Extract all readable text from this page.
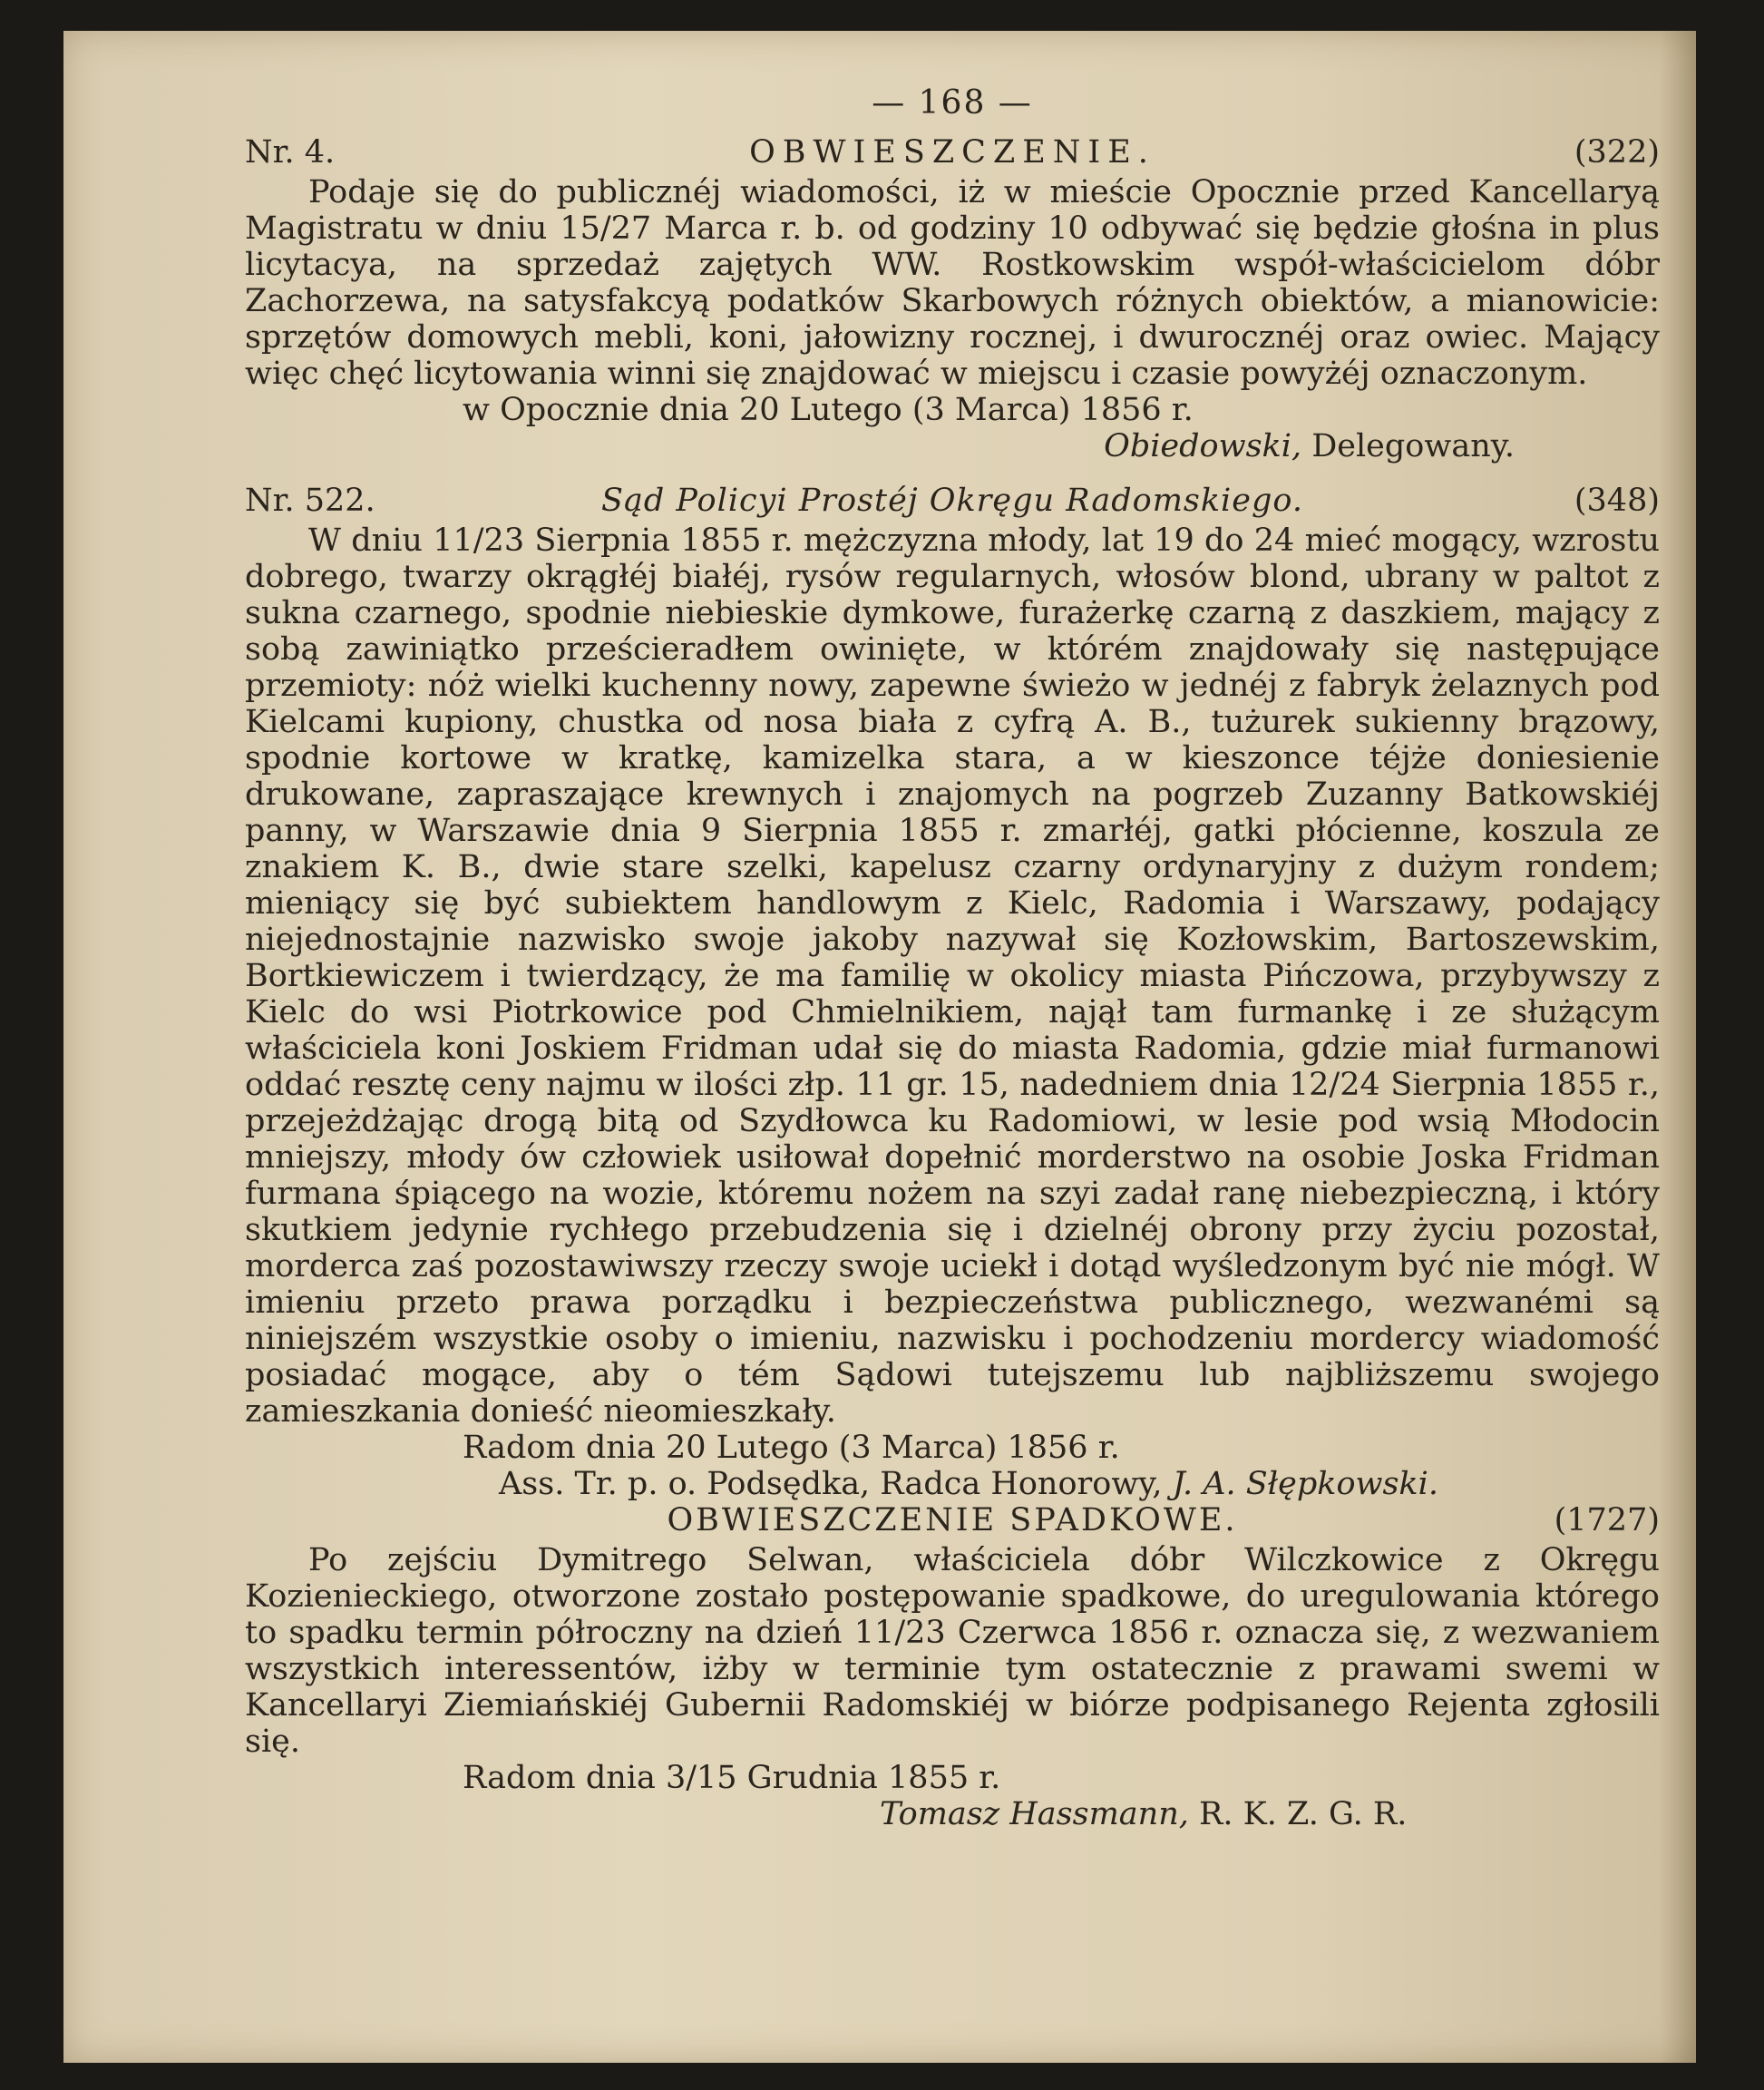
— 168 —
Nr. 4.	OBWIESZCZENIE.	(322)

Podaje się do publicznéj wiadomości, iż w mieście Opocznie przed Kancellaryą Magistratu w dniu 15/27 Marca r. b. od godziny 10 odbywać się będzie głośna in plus licytacya, na sprzedaż zajętych WW. Rostkowskim współ-właścicielom dóbr Zachorzewa, na satysfakcyą podatków Skarbowych różnych obiektów, a mianowicie: sprzętów domowych mebli, koni, jałowizny rocznej, i dwurocznéj oraz owiec. Mający więc chęć licytowania winni się znajdować w miejscu i czasie powyżéj oznaczonym.

w Opocznie dnia 20 Lutego (3 Marca) 1856 r.
Obiedowski, Delegowany.
Nr. 522.	Sąd Policyi Prostéj Okręgu Radomskiego.	(348)

W dniu 11/23 Sierpnia 1855 r. mężczyzna młody, lat 19 do 24 mieć mogący, wzrostu dobrego, twarzy okrągłéj białéj, rysów regularnych, włosów blond, ubrany w paltot z sukna czarnego, spodnie niebieskie dymkowe, furażerkę czarną z daszkiem, mający z sobą zawiniątko prześcieradłem owinięte, w którém znajdowały się następujące przemioty: nóż wielki kuchenny nowy, zapewne świeżo w jednéj z fabryk żelaznych pod Kielcami kupiony, chustka od nosa biała z cyfrą A. B., tużurek sukienny brązowy, spodnie kortowe w kratkę, kamizelka stara, a w kieszonce téjże doniesienie drukowane, zapraszające krewnych i znajomych na pogrzeb Zuzanny Batkowskiéj panny, w Warszawie dnia 9 Sierpnia 1855 r. zmarłéj, gatki płócienne, koszula ze znakiem K. B., dwie stare szelki, kapelusz czarny ordynaryjny z dużym rondem; mieniący się być subiektem handlowym z Kielc, Radomia i Warszawy, podający niejednostajnie nazwisko swoje jakoby nazywał się Kozłowskim, Bartoszewskim, Bortkiewiczem i twierdzący, że ma familię w okolicy miasta Pińczowa, przybywszy z Kielc do wsi Piotrkowice pod Chmielnikiem, najął tam furmankę i ze służącym właściciela koni Joskiem Fridman udał się do miasta Radomia, gdzie miał furmanowi oddać resztę ceny najmu w ilości złp. 11 gr. 15, nadedniem dnia 12/24 Sierpnia 1855 r., przejeżdżając drogą bitą od Szydłowca ku Radomiowi, w lesie pod wsią Młodocin mniejszy, młody ów człowiek usiłował dopełnić morderstwo na osobie Joska Fridman furmana śpiącego na wozie, któremu nożem na szyi zadał ranę niebezpieczną, i który skutkiem jedynie rychłego przebudzenia się i dzielnéj obrony przy życiu pozostał, morderca zaś pozostawiwszy rzeczy swoje uciekł i dotąd wyśledzonym być nie mógł. W imieniu przeto prawa porządku i bezpieczeństwa publicznego, wezwanémi są niniejszém wszystkie osoby o imieniu, nazwisku i pochodzeniu mordercy wiadomość posiadać mogące, aby o tém Sądowi tutejszemu lub najbliższemu swojego zamieszkania donieść nieomieszkały.

Radom dnia 20 Lutego (3 Marca) 1856 r.
Ass. Tr. p. o. Podsędka, Radca Honorowy, J. A. Słępkowski.
OBWIESZCZENIE SPADKOWE.	(1727)

Po zejściu Dymitrego Selwan, właściciela dóbr Wilczkowice z Okręgu Kozienieckiego, otworzone zostało postępowanie spadkowe, do uregulowania którego to spadku termin półroczny na dzień 11/23 Czerwca 1856 r. oznacza się, z wezwaniem wszystkich interessentów, iżby w terminie tym ostatecznie z prawami swemi w Kancellaryi Ziemiańskiéj Gubernii Radomskiéj w biórze podpisanego Rejenta zgłosili się.

Radom dnia 3/15 Grudnia 1855 r.
Tomasz Hassmann, R. K. Z. G. R.
